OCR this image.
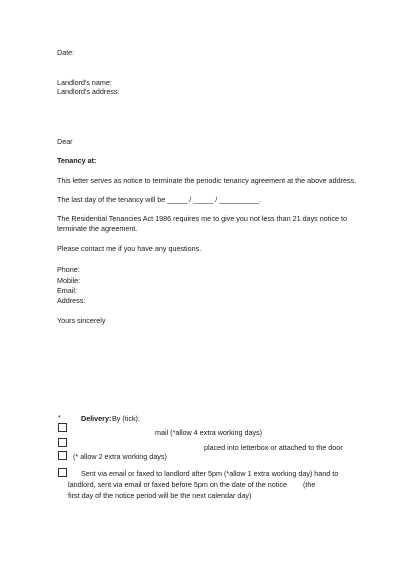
Date:
Landlord's name:
Landlord's address:
Dear
Tenancy at:
This letter serves as notice to terminate the periodic tenancy agreement at the above address.
The last day of the tenancy will be _____ / _____ / __________.
The Residential Tenancies Act 1986 requires me to give you not less than 21 days notice to
terminate the agreement.
Please contact me if you have any questions.
Phone:
Mobile:
Email:
Address:
Yours sincerely
*	Delivery: By (tick):
mail (*allow 4 extra working days)
placed into letterbox or attached to the door
(* allow 2 extra working days)
Sent via email or faxed to landlord after 5pm (*allow 1 extra working day) hand to
landlord, sent via email or faxed before 5pm on the date of the notice (the
first day of the notice period will be the next calendar day)
